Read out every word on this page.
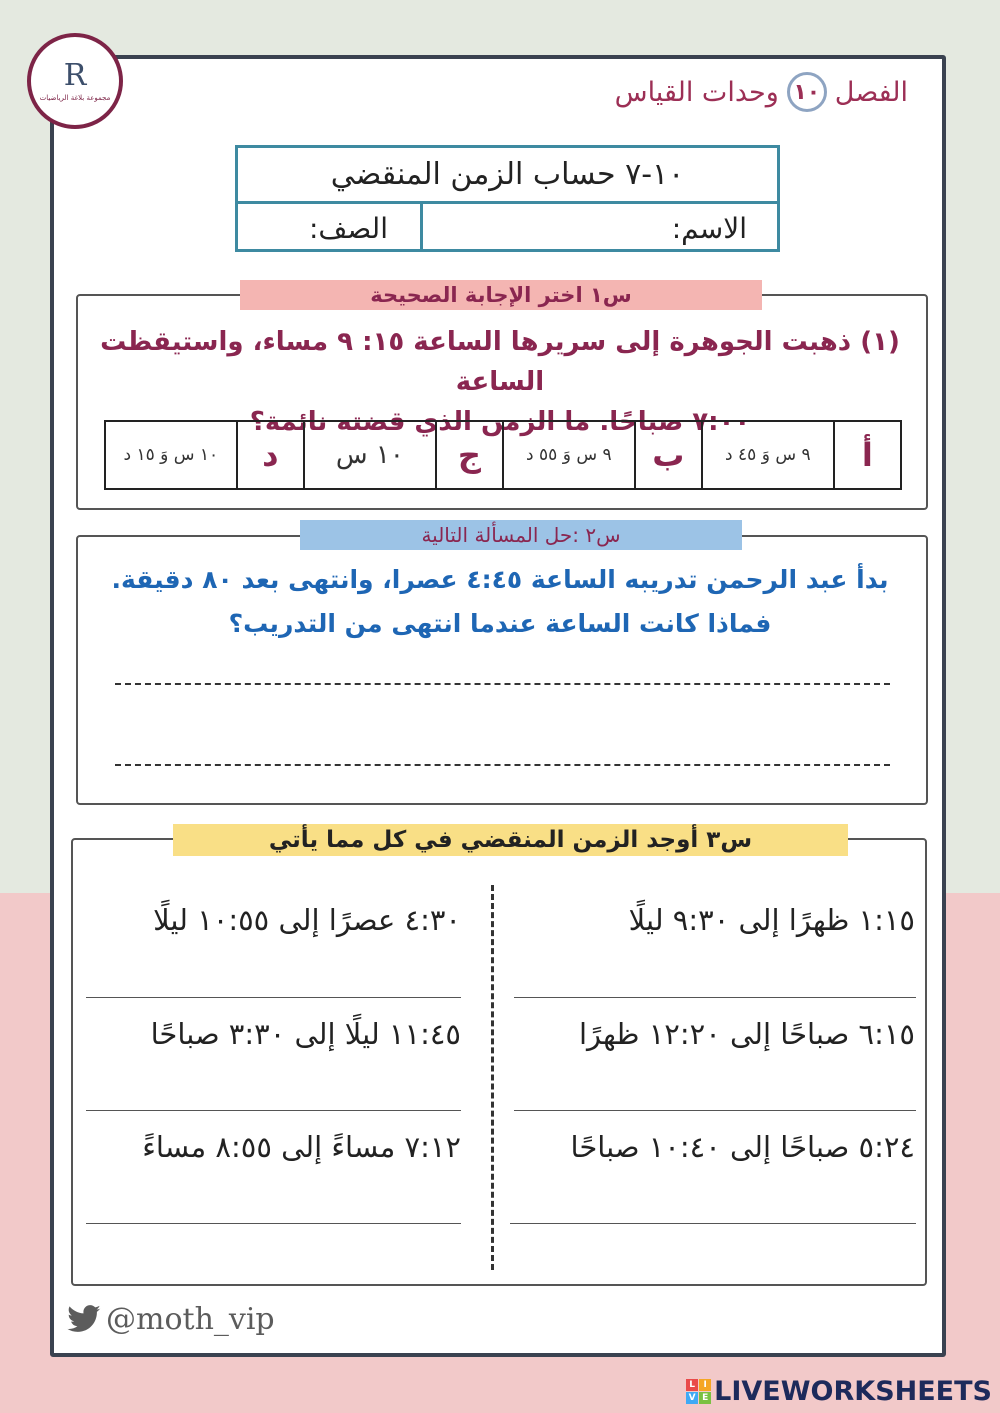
R
مجموعة بلاغة الرياضيات	الفصل
١٠
وحدات القياس
١٠-٧ حساب الزمن المنقضي
الاسم:
الصف:
س١ اختر الإجابة الصحيحة
(١) ذهبت الجوهرة إلى سريرها الساعة ١٥: ٩ مساء، واستيقظت الساعة
٧:٠٠ صباحًا. ما الزمن الذي قضته نائمة؟
أ
٩ س وَ ٤٥ د
ب
٩ س وَ ٥٥ د
ج
١٠ س
د
١٠ س وَ ١٥ د
س٢ :حل المسألة التالية
بدأ عبد الرحمن تدريبه الساعة ٤:٤٥ عصرا، وانتهى بعد ٨٠ دقيقة.
فماذا كانت الساعة عندما انتهى من التدريب؟
س٣ أوجد الزمن المنقضي في كل مما يأتي
١:١٥ ظهرًا إلى ٩:٣٠ ليلًا
٦:١٥ صباحًا إلى ١٢:٢٠ ظهرًا
٥:٢٤ صباحًا إلى ١٠:٤٠ صباحًا
٤:٣٠ عصرًا إلى ١٠:٥٥ ليلًا
١١:٤٥ ليلًا إلى ٣:٣٠ صباحًا
٧:١٢ مساءً إلى ٨:٥٥ مساءً
@moth_vip
L I
V E LIVEWORKSHEETS
